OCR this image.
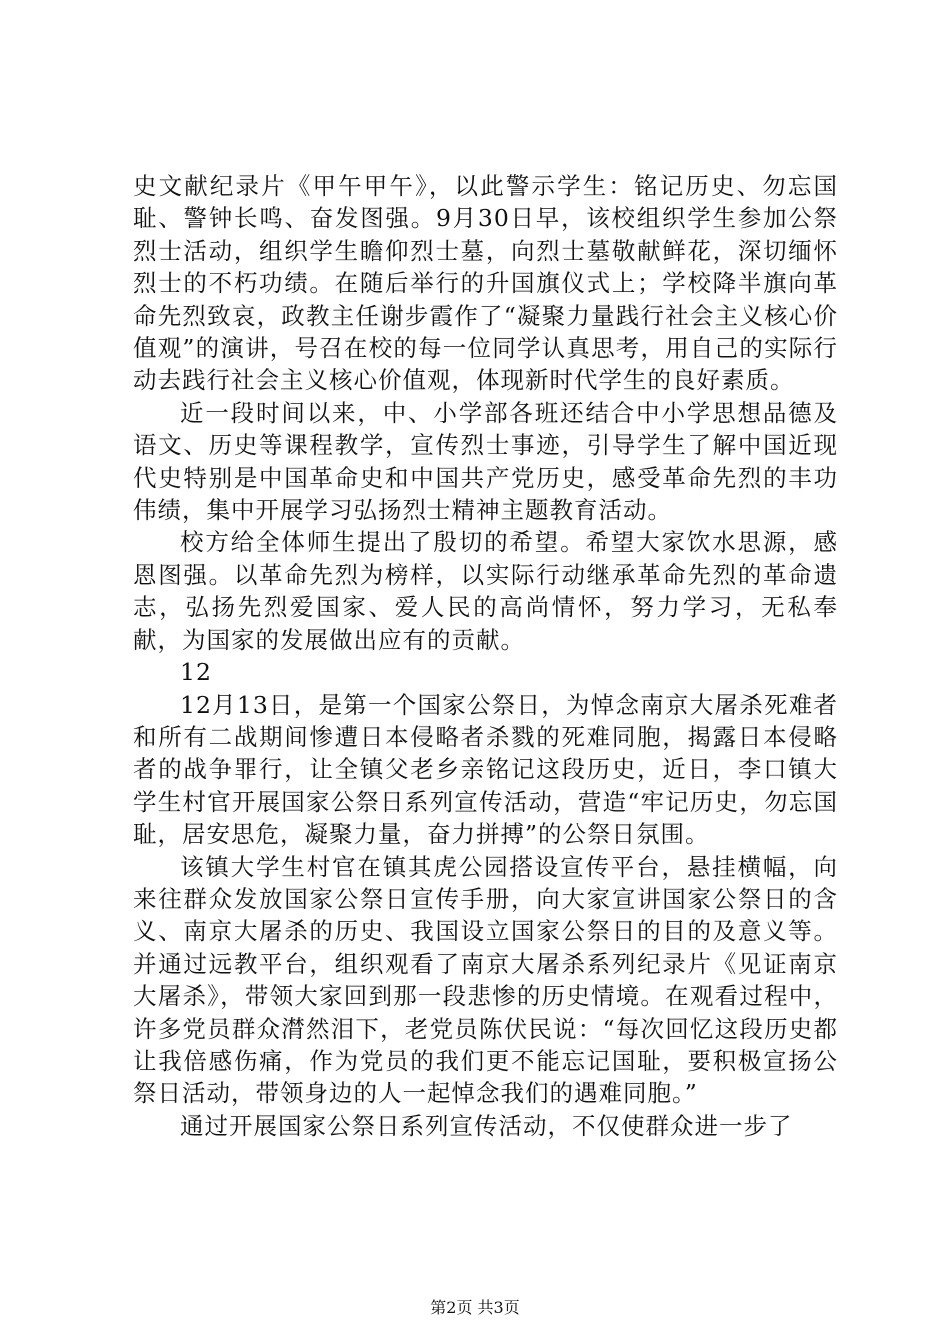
史文献纪录片《甲午甲午》，以此警示学生：铭记历史、勿忘国耻、警钟长鸣、奋发图强。9月30日早，该校组织学生参加公祭烈士活动，组织学生瞻仰烈士墓，向烈士墓敬献鲜花，深切缅怀烈士的不朽功绩。在随后举行的升国旗仪式上；学校降半旗向革命先烈致哀，政教主任谢步霞作了“凝聚力量践行社会主义核心价值观”的演讲，号召在校的每一位同学认真思考，用自己的实际行动去践行社会主义核心价值观，体现新时代学生的良好素质。

近一段时间以来，中、小学部各班还结合中小学思想品德及语文、历史等课程教学，宣传烈士事迹，引导学生了解中国近现代史特别是中国革命史和中国共产党历史，感受革命先烈的丰功伟绩，集中开展学习弘扬烈士精神主题教育活动。

校方给全体师生提出了殷切的希望。希望大家饮水思源，感恩图强。以革命先烈为榜样，以实际行动继承革命先烈的革命遗志，弘扬先烈爱国家、爱人民的高尚情怀，努力学习，无私奉献，为国家的发展做出应有的贡献。

12

12月13日，是第一个国家公祭日，为悼念南京大屠杀死难者和所有二战期间惨遭日本侵略者杀戮的死难同胞，揭露日本侵略者的战争罪行，让全镇父老乡亲铭记这段历史，近日，李口镇大学生村官开展国家公祭日系列宣传活动，营造“牢记历史，勿忘国耻，居安思危，凝聚力量，奋力拼搏”的公祭日氛围。

该镇大学生村官在镇其虎公园搭设宣传平台，悬挂横幅，向来往群众发放国家公祭日宣传手册，向大家宣讲国家公祭日的含义、南京大屠杀的历史、我国设立国家公祭日的目的及意义等。并通过远教平台，组织观看了南京大屠杀系列纪录片《见证南京大屠杀》，带领大家回到那一段悲惨的历史情境。在观看过程中，许多党员群众潸然泪下，老党员陈伏民说：“每次回忆这段历史都让我倍感伤痛，作为党员的我们更不能忘记国耻，要积极宣扬公祭日活动，带领身边的人一起悼念我们的遇难同胞。”

通过开展国家公祭日系列宣传活动，不仅使群众进一步了

第2页 共3页
